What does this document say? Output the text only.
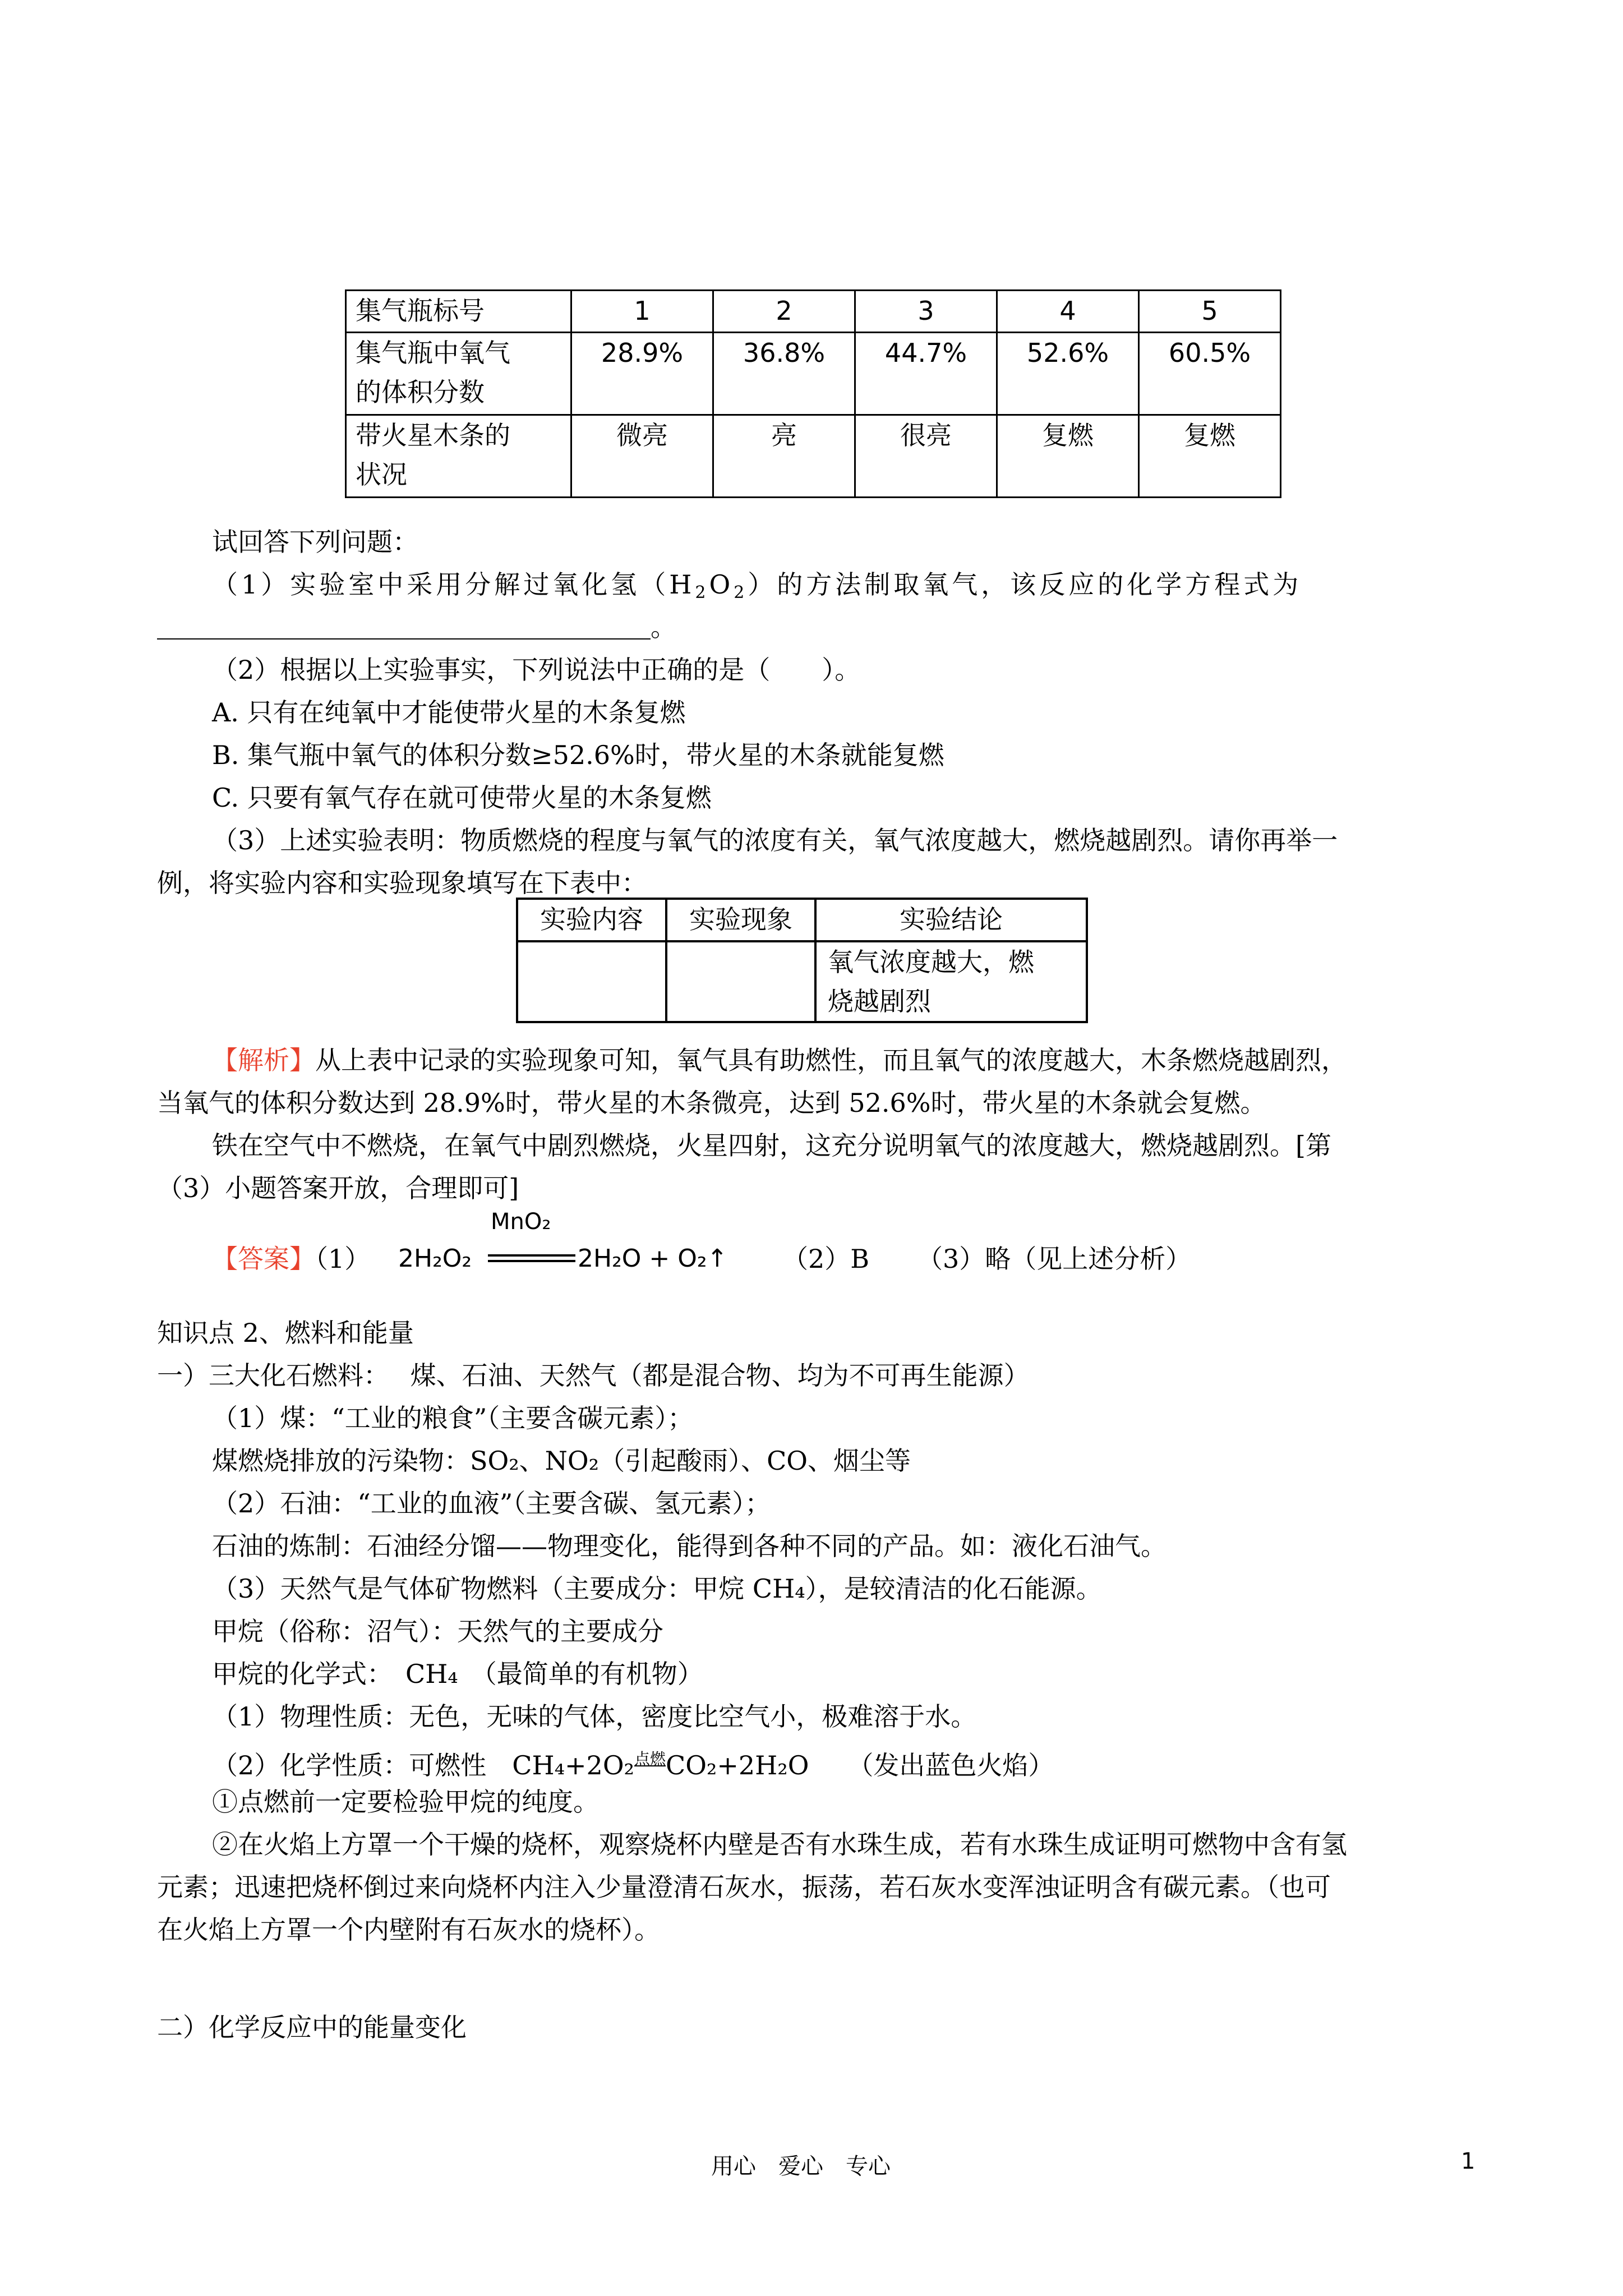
集气瓶标号	1	2	3	4	5
集气瓶中氧气
的体积分数	28.9%	36.8%	44.7%	52.6%	60.5%
带火星木条的
状况	微亮	亮	很亮	复燃	复燃
试回答下列问题：
（1）实验室中采用分解过氧化氢$(H_2O_2)$的方法制取氧气，该反应的化学方程式为
。
（2）根据以上实验事实，下列说法中正确的是（　　）。
A. 只有在纯氧中才能使带火星的木条复燃
B. 集气瓶中氧气的体积分数≥52.6%时，带火星的木条就能复燃
C. 只要有氧气存在就可使带火星的木条复燃
（3）上述实验表明：物质燃烧的程度与氧气的浓度有关，氧气浓度越大，燃烧越剧烈。请你再举一
例，将实验内容和实验现象填写在下表中：
实验内容	实验现象	实验结论
		氧气浓度越大，燃
烧越剧烈
【解析】从上表中记录的实验现象可知，氧气具有助燃性，而且氧气的浓度越大，木条燃烧越剧烈，
当氧气的体积分数达到 28.9%时，带火星的木条微亮，达到 52.6%时，带火星的木条就会复燃。
铁在空气中不燃烧，在氧气中剧烈燃烧，火星四射，这充分说明氧气的浓度越大，燃烧越剧烈。[第
（3）小题答案开放，合理即可]
【答案】（1）
MnO₂
2H₂O₂	2H₂O + O₂↑ （2）B （3）略（见上述分析）
知识点 2、燃料和能量
一）三大化石燃料：　 煤、石油、天然气（都是混合物、均为不可再生能源）
（1）煤：“工业的粮食”（主要含碳元素）；
煤燃烧排放的污染物：SO₂、NO₂（引起酸雨）、CO、烟尘等
（2）石油：“工业的血液”（主要含碳、氢元素）；
石油的炼制：石油经分馏——物理变化，能得到各种不同的产品。如：液化石油气。
（3）天然气是气体矿物燃料（主要成分：甲烷 CH₄），是较清洁的化石能源。
甲烷（俗称：沼气）：天然气的主要成分
甲烷的化学式：　CH₄　（最简单的有机物）
（1）物理性质：无色，无味的气体，密度比空气小，极难溶于水。
（2）化学性质：可燃性　CH₄+2O₂$^{点燃}$CO₂+2H₂O　　（发出蓝色火焰）
①点燃前一定要检验甲烷的纯度。
②在火焰上方罩一个干燥的烧杯，观察烧杯内壁是否有水珠生成，若有水珠生成证明可燃物中含有氢
元素；迅速把烧杯倒过来向烧杯内注入少量澄清石灰水，振荡，若石灰水变浑浊证明含有碳元素。（也可
在火焰上方罩一个内壁附有石灰水的烧杯）。
二）化学反应中的能量变化
用心　爱心　专心	1
